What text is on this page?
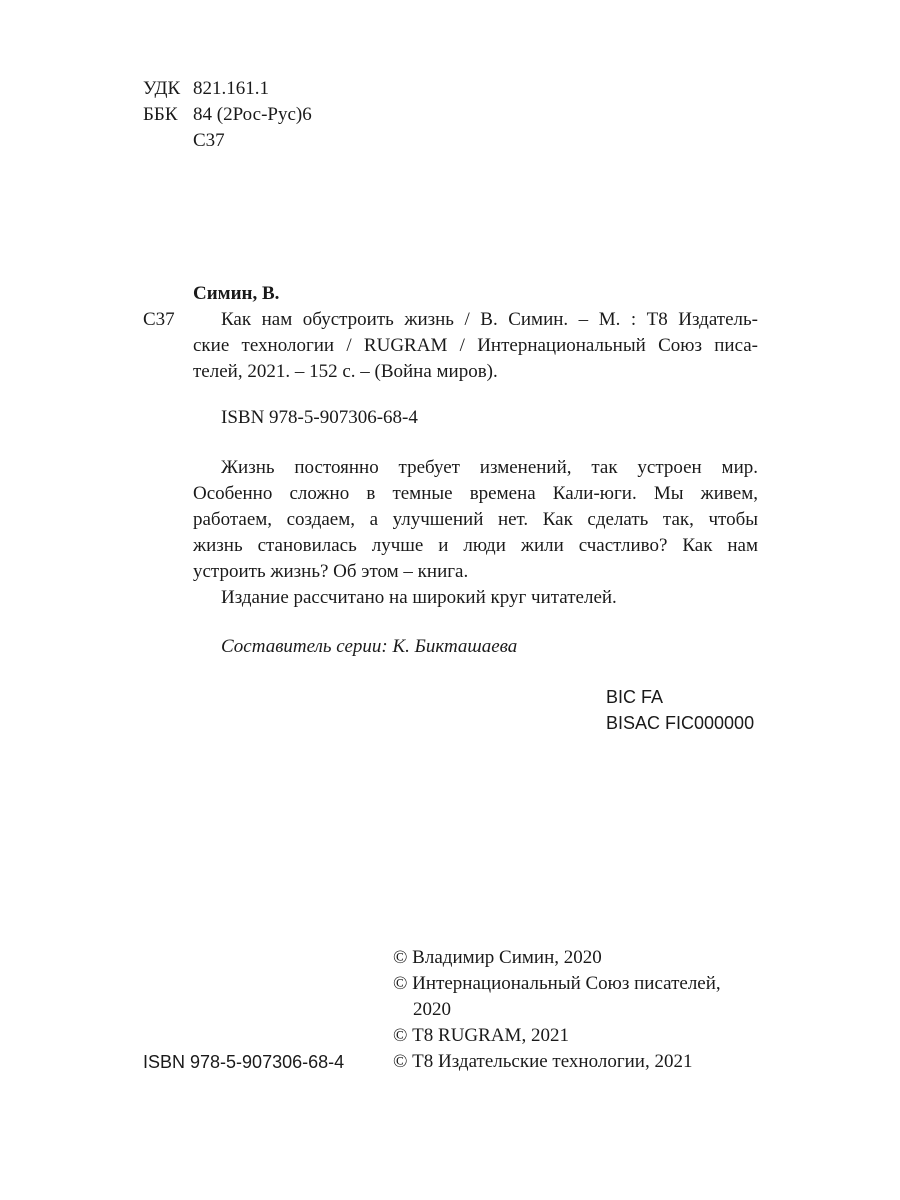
УДК 821.161.1
ББК 84 (2Рос-Рус)6
С37
Симин, В.
С37	Как нам обустроить жизнь / В. Симин. – М. : Т8 Издатель-
ские технологии / RUGRAM / Интернациональный Союз писа-
телей, 2021. – 152 с. – (Война миров).
ISBN 978-5-907306-68-4
Жизнь постоянно требует изменений, так устроен мир.
Особенно сложно в темные времена Кали-юги. Мы живем,
работаем, создаем, а улучшений нет. Как сделать так, чтобы
жизнь становилась лучше и люди жили счастливо? Как нам
устроить жизнь? Об этом – книга.
Издание рассчитано на широкий круг читателей.
Составитель серии: К. Бикташаева
BIC FA
BISAC FIC000000
© Владимир Симин, 2020
© Интернациональный Союз писателей,
2020
© Т8 RUGRAM, 2021
© Т8 Издательские технологии, 2021
ISBN 978-5-907306-68-4
